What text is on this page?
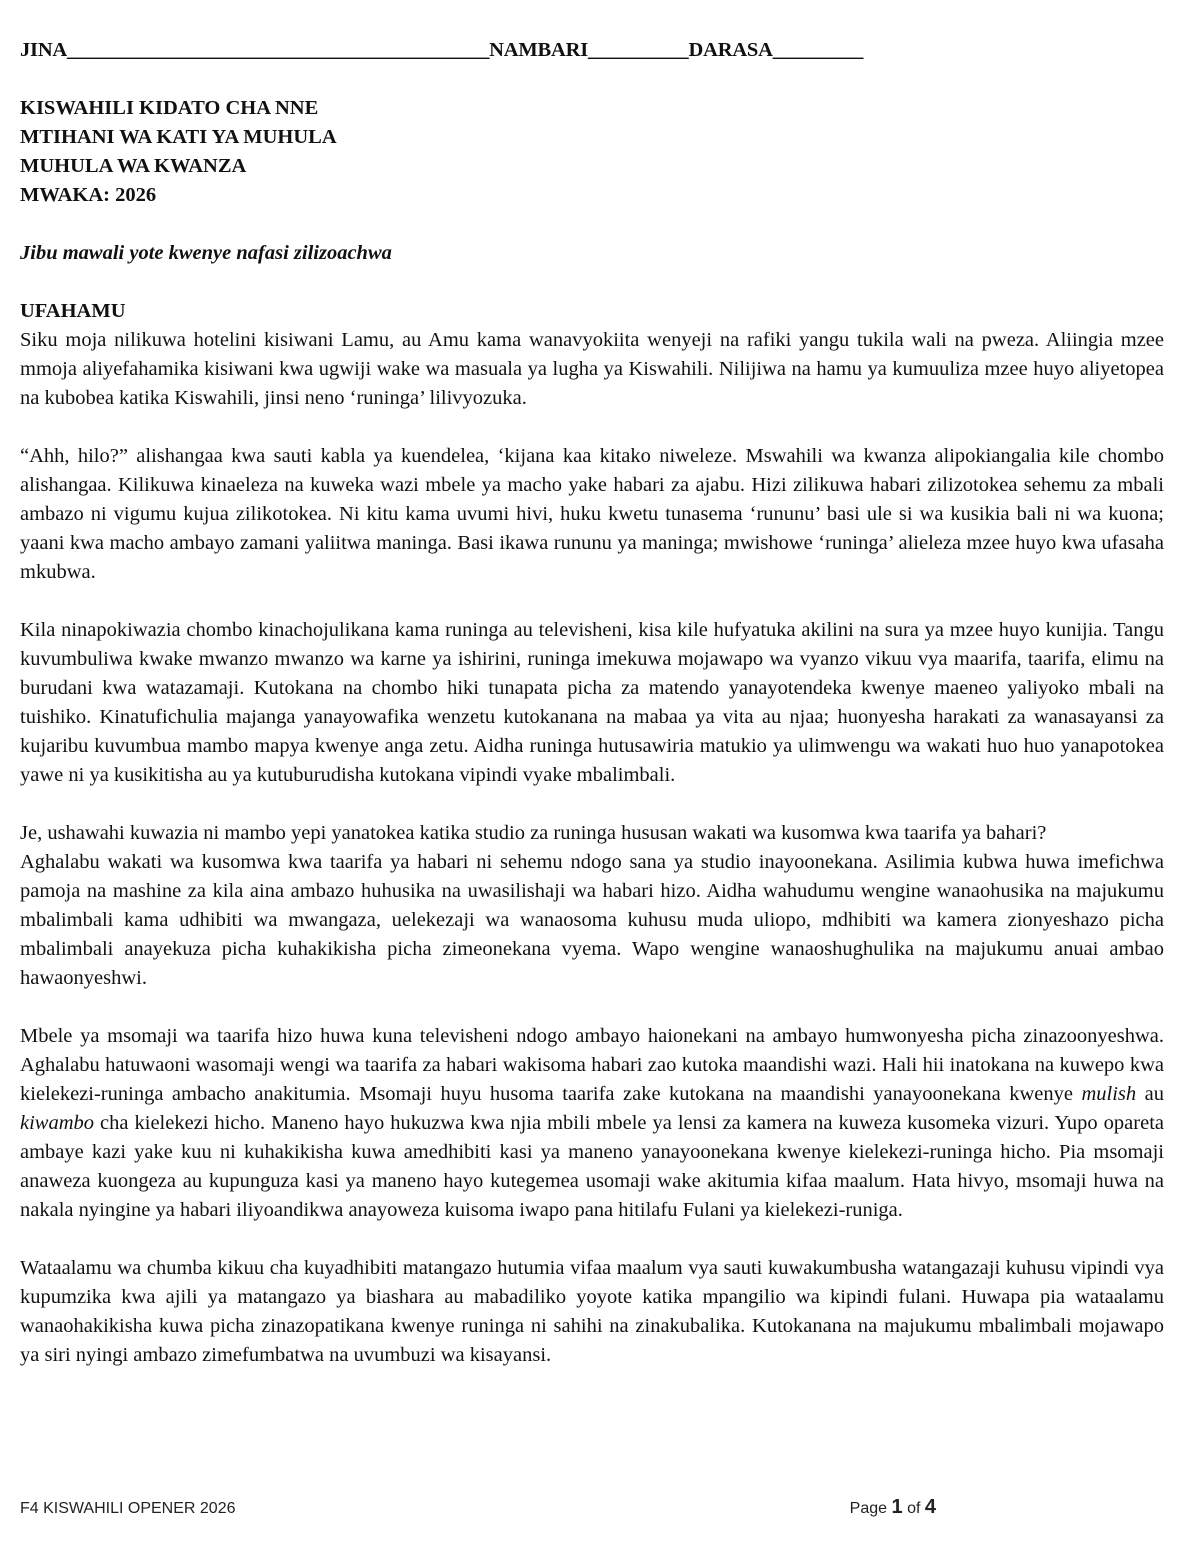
JINA__________________________________________NAMBARI__________DARASA_________
KISWAHILI KIDATO CHA NNE
MTIHANI WA KATI YA MUHULA
MUHULA WA KWANZA
MWAKA: 2026
Jibu mawali yote kwenye nafasi zilizoachwa
UFAHAMU

Siku moja nilikuwa hotelini kisiwani Lamu, au Amu kama wanavyokiita wenyeji na rafiki yangu tukila wali na pweza. Aliingia mzee mmoja aliyefahamika kisiwani kwa ugwiji wake wa masuala ya lugha ya Kiswahili. Nilijiwa na hamu ya kumuuliza mzee huyo aliyetopea na kubobea katika Kiswahili, jinsi neno ‘runinga’ lilivyozuka.

“Ahh, hilo?” alishangaa kwa sauti kabla ya kuendelea, ‘kijana kaa kitako niweleze. Mswahili wa kwanza alipokiangalia kile chombo alishangaa. Kilikuwa kinaeleza na kuweka wazi mbele ya macho yake habari za ajabu. Hizi zilikuwa habari zilizotokea sehemu za mbali ambazo ni vigumu kujua zilikotokea. Ni kitu kama uvumi hivi, huku kwetu tunasema ‘rununu’ basi ule si wa kusikia bali ni wa kuona; yaani kwa macho ambayo zamani yaliitwa maninga. Basi ikawa rununu ya maninga; mwishowe ‘runinga’ alieleza mzee huyo kwa ufasaha mkubwa.

Kila ninapokiwazia chombo kinachojulikana kama runinga au televisheni, kisa kile hufyatuka akilini na sura ya mzee huyo kunijia. Tangu kuvumbuliwa kwake mwanzo mwanzo wa karne ya ishirini, runinga imekuwa mojawapo wa vyanzo vikuu vya maarifa, taarifa, elimu na burudani kwa watazamaji. Kutokana na chombo hiki tunapata picha za matendo yanayotendeka kwenye maeneo yaliyoko mbali na tuishiko. Kinatufichulia majanga yanayowafika wenzetu kutokanana na mabaa ya vita au njaa; huonyesha harakati za wanasayansi za kujaribu kuvumbua mambo mapya kwenye anga zetu. Aidha runinga hutusawiria matukio ya ulimwengu wa wakati huo huo yanapotokea yawe ni ya kusikitisha au ya kutuburudisha kutokana vipindi vyake mbalimbali.

Je, ushawahi kuwazia ni mambo yepi yanatokea katika studio za runinga hususan wakati wa kusomwa kwa taarifa ya bahari?

Aghalabu wakati wa kusomwa kwa taarifa ya habari ni sehemu ndogo sana ya studio inayoonekana. Asilimia kubwa huwa imefichwa pamoja na mashine za kila aina ambazo huhusika na uwasilishaji wa habari hizo. Aidha wahudumu wengine wanaohusika na majukumu mbalimbali kama udhibiti wa mwangaza, uelekezaji wa wanaosoma kuhusu muda uliopo, mdhibiti wa kamera zionyeshazo picha mbalimbali anayekuza picha kuhakikisha picha zimeonekana vyema. Wapo wengine wanaoshughulika na majukumu anuai ambao hawaonyeshwi.

Mbele ya msomaji wa taarifa hizo huwa kuna televisheni ndogo ambayo haionekani na ambayo humwonyesha picha zinazoonyeshwa. Aghalabu hatuwaoni wasomaji wengi wa taarifa za habari wakisoma habari zao kutoka maandishi wazi. Hali hii inatokana na kuwepo kwa kielekezi-runinga ambacho anakitumia. Msomaji huyu husoma taarifa zake kutokana na maandishi yanayoonekana kwenye mulish au kiwambo cha kielekezi hicho. Maneno hayo hukuzwa kwa njia mbili mbele ya lensi za kamera na kuweza kusomeka vizuri. Yupo opareta ambaye kazi yake kuu ni kuhakikisha kuwa amedhibiti kasi ya maneno yanayoonekana kwenye kielekezi-runinga hicho. Pia msomaji anaweza kuongeza au kupunguza kasi ya maneno hayo kutegemea usomaji wake akitumia kifaa maalum. Hata hivyo, msomaji huwa na nakala nyingine ya habari iliyoandikwa anayoweza kuisoma iwapo pana hitilafu Fulani ya kielekezi-runiga.

Wataalamu wa chumba kikuu cha kuyadhibiti matangazo hutumia vifaa maalum vya sauti kuwakumbusha watangazaji kuhusu vipindi vya kupumzika kwa ajili ya matangazo ya biashara au mabadiliko yoyote katika mpangilio wa kipindi fulani. Huwapa pia wataalamu wanaohakikisha kuwa picha zinazopatikana kwenye runinga ni sahihi na zinakubalika. Kutokanana na majukumu mbalimbali mojawapo ya siri nyingi ambazo zimefumbatwa na uvumbuzi wa kisayansi.

F4 KISWAHILI OPENER 2026	Page 1 of 4
